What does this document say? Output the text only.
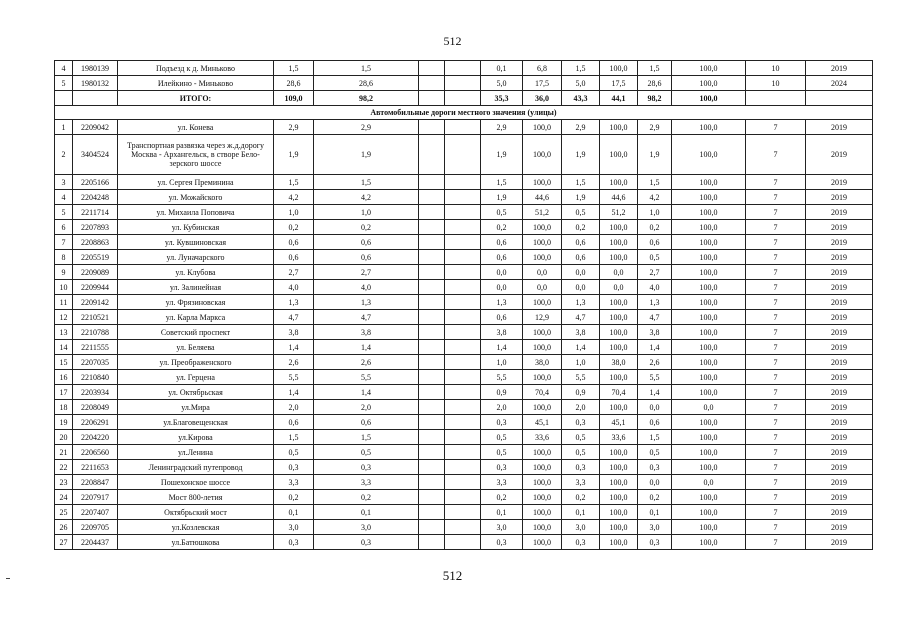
512
4	1980139	Подъезд к д. Миньково	1,5	1,5			0,1	6,8	1,5	100,0	1,5	100,0	10	2019
5	1980132	Илейкино - Миньково	28,6	28,6			5,0	17,5	5,0	17,5	28,6	100,0	10	2024
		ИТОГО:	109,0	98,2			35,3	36,0	43,3	44,1	98,2	100,0		
Автомобильные дороги местного значения (улицы)														
1	2209042	ул. Конева	2,9	2,9			2,9	100,0	2,9	100,0	2,9	100,0	7	2019
2	3404524	Транспортная развязка через ж.д.дорогу Москва - Архангельск, в створе Бело- зерского шоссе	1,9	1,9			1,9	100,0	1,9	100,0	1,9	100,0	7	2019
3	2205166	ул. Сергея Преминина	1,5	1,5			1,5	100,0	1,5	100,0	1,5	100,0	7	2019
4	2204248	ул. Можайского	4,2	4,2			1,9	44,6	1,9	44,6	4,2	100,0	7	2019
5	2211714	ул. Михаила Поповича	1,0	1,0			0,5	51,2	0,5	51,2	1,0	100,0	7	2019
6	2207893	ул. Кубинская	0,2	0,2			0,2	100,0	0,2	100,0	0,2	100,0	7	2019
7	2208863	ул. Кувшиновская	0,6	0,6			0,6	100,0	0,6	100,0	0,6	100,0	7	2019
8	2205519	ул. Луначарского	0,6	0,6			0,6	100,0	0,6	100,0	0,5	100,0	7	2019
9	2209089	ул. Клубова	2,7	2,7			0,0	0,0	0,0	0,0	2,7	100,0	7	2019
10	2209944	ул. Залинейная	4,0	4,0			0,0	0,0	0,0	0,0	4,0	100,0	7	2019
11	2209142	ул. Фрязиновская	1,3	1,3			1,3	100,0	1,3	100,0	1,3	100,0	7	2019
12	2210521	ул. Карла Маркса	4,7	4,7			0,6	12,9	4,7	100,0	4,7	100,0	7	2019
13	2210788	Советский проспект	3,8	3,8			3,8	100,0	3,8	100,0	3,8	100,0	7	2019
14	2211555	ул. Беляева	1,4	1,4			1,4	100,0	1,4	100,0	1,4	100,0	7	2019
15	2207035	ул. Преображенского	2,6	2,6			1,0	38,0	1,0	38,0	2,6	100,0	7	2019
16	2210840	ул. Герцена	5,5	5,5			5,5	100,0	5,5	100,0	5,5	100,0	7	2019
17	2203934	ул. Октябрьская	1,4	1,4			0,9	70,4	0,9	70,4	1,4	100,0	7	2019
18	2208049	ул.Мира	2,0	2,0			2,0	100,0	2,0	100,0	0,0	0,0	7	2019
19	2206291	ул.Благовещенская	0,6	0,6			0,3	45,1	0,3	45,1	0,6	100,0	7	2019
20	2204220	ул.Кирова	1,5	1,5			0,5	33,6	0,5	33,6	1,5	100,0	7	2019
21	2206560	ул.Ленина	0,5	0,5			0,5	100,0	0,5	100,0	0,5	100,0	7	2019
22	2211653	Ленинградский путепровод	0,3	0,3			0,3	100,0	0,3	100,0	0,3	100,0	7	2019
23	2208847	Пошехонское шоссе	3,3	3,3			3,3	100,0	3,3	100,0	0,0	0,0	7	2019
24	2207917	Мост 800-летия	0,2	0,2			0,2	100,0	0,2	100,0	0,2	100,0	7	2019
25	2207407	Октябрьский мост	0,1	0,1			0,1	100,0	0,1	100,0	0,1	100,0	7	2019
26	2209705	ул.Козлевская	3,0	3,0			3,0	100,0	3,0	100,0	3,0	100,0	7	2019
27	2204437	ул.Батюшкова	0,3	0,3			0,3	100,0	0,3	100,0	0,3	100,0	7	2019
512
